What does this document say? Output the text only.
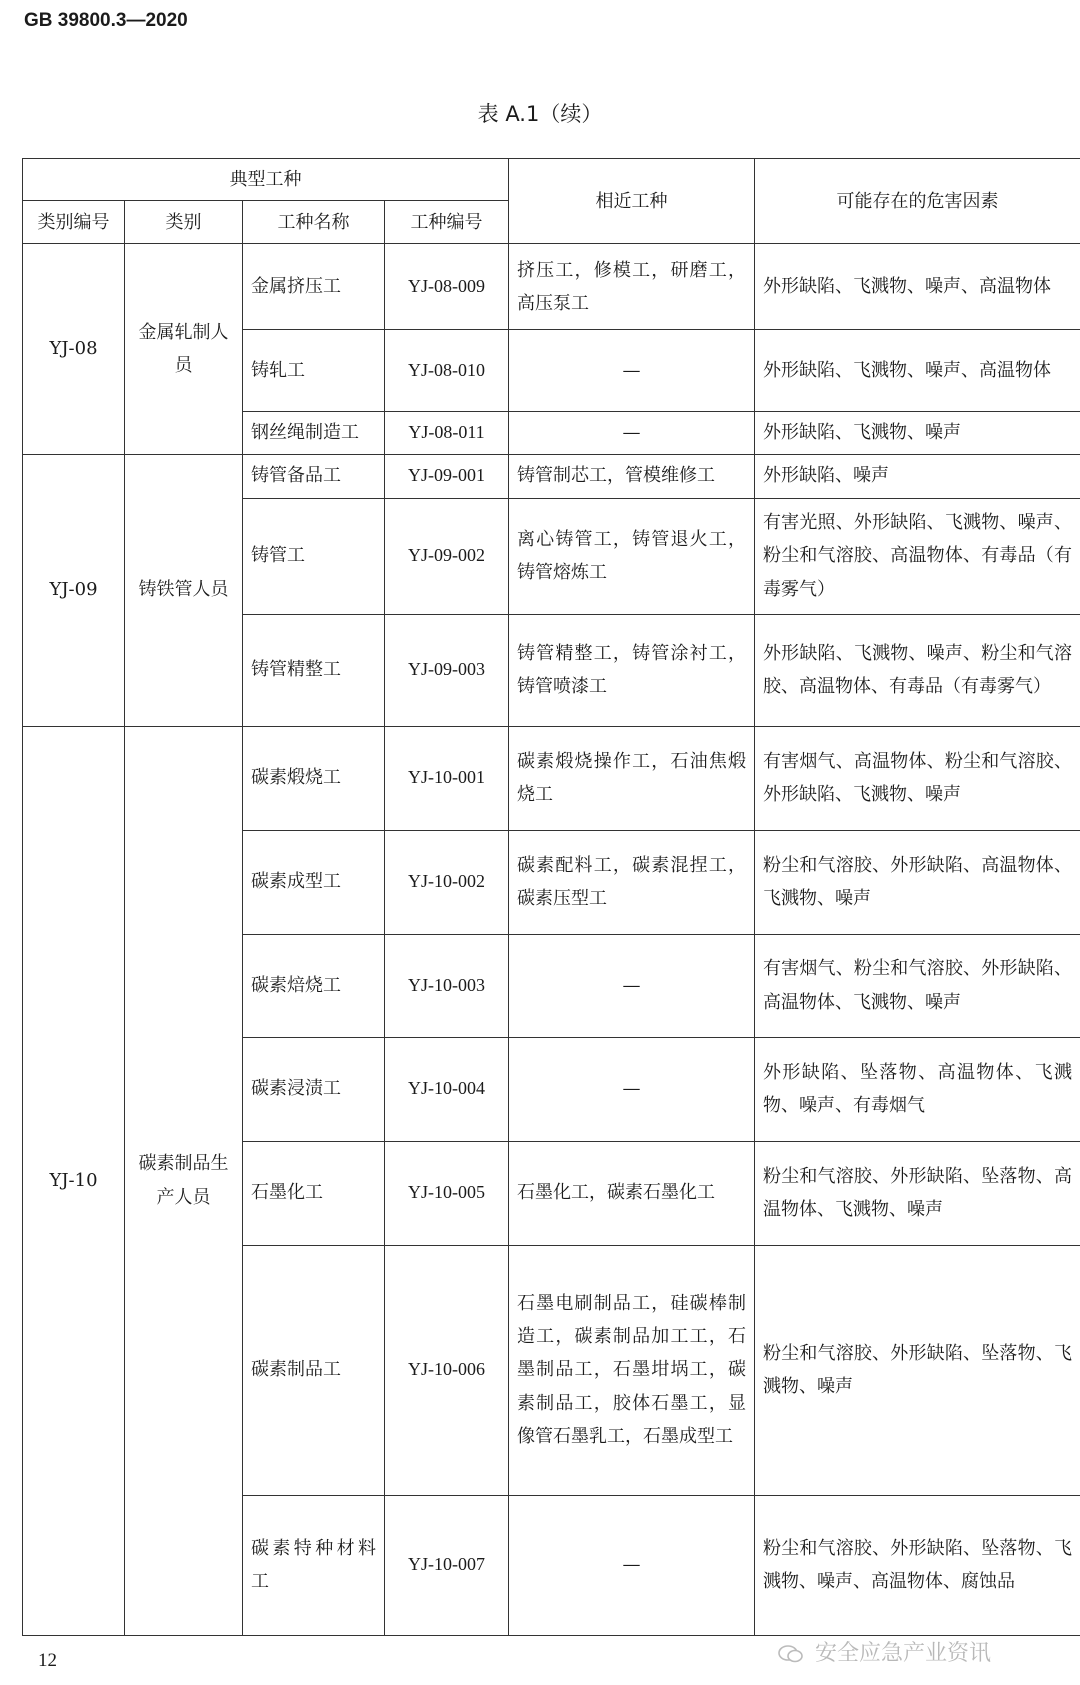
GB 39800.3—2020
表 A.1（续）
典型工种				相近工种	可能存在的危害因素
类别编号	类别	工种名称	工种编号		
YJ-08	金属轧制人员	金属挤压工	YJ-08-009	挤压工，修模工，研磨工，高压泵工	外形缺陷、飞溅物、噪声、高温物体
		铸轧工	YJ-08-010	—	外形缺陷、飞溅物、噪声、高温物体
		钢丝绳制造工	YJ-08-011	—	外形缺陷、飞溅物、噪声
YJ-09	铸铁管人员	铸管备品工	YJ-09-001	铸管制芯工，管模维修工	外形缺陷、噪声
		铸管工	YJ-09-002	离心铸管工，铸管退火工，铸管熔炼工	有害光照、外形缺陷、飞溅物、噪声、粉尘和气溶胶、高温物体、有毒品（有毒雾气）
		铸管精整工	YJ-09-003	铸管精整工，铸管涂衬工，铸管喷漆工	外形缺陷、飞溅物、噪声、粉尘和气溶胶、高温物体、有毒品（有毒雾气）
YJ-10	碳素制品生产人员	碳素煅烧工	YJ-10-001	碳素煅烧操作工，石油焦煅烧工	有害烟气、高温物体、粉尘和气溶胶、外形缺陷、飞溅物、噪声
		碳素成型工	YJ-10-002	碳素配料工，碳素混捏工，碳素压型工	粉尘和气溶胶、外形缺陷、高温物体、飞溅物、噪声
		碳素焙烧工	YJ-10-003	—	有害烟气、粉尘和气溶胶、外形缺陷、高温物体、飞溅物、噪声
		碳素浸渍工	YJ-10-004	—	外形缺陷、坠落物、高温物体、飞溅物、噪声、有毒烟气
		石墨化工	YJ-10-005	石墨化工，碳素石墨化工	粉尘和气溶胶、外形缺陷、坠落物、高温物体、飞溅物、噪声
		碳素制品工	YJ-10-006	石墨电刷制品工，硅碳棒制造工，碳素制品加工工，石墨制品工，石墨坩埚工，碳素制品工，胶体石墨工，显像管石墨乳工，石墨成型工	粉尘和气溶胶、外形缺陷、坠落物、飞溅物、噪声
		碳素特种材料工	YJ-10-007	—	粉尘和气溶胶、外形缺陷、坠落物、飞溅物、噪声、高温物体、腐蚀品
12	安全应急产业资讯
